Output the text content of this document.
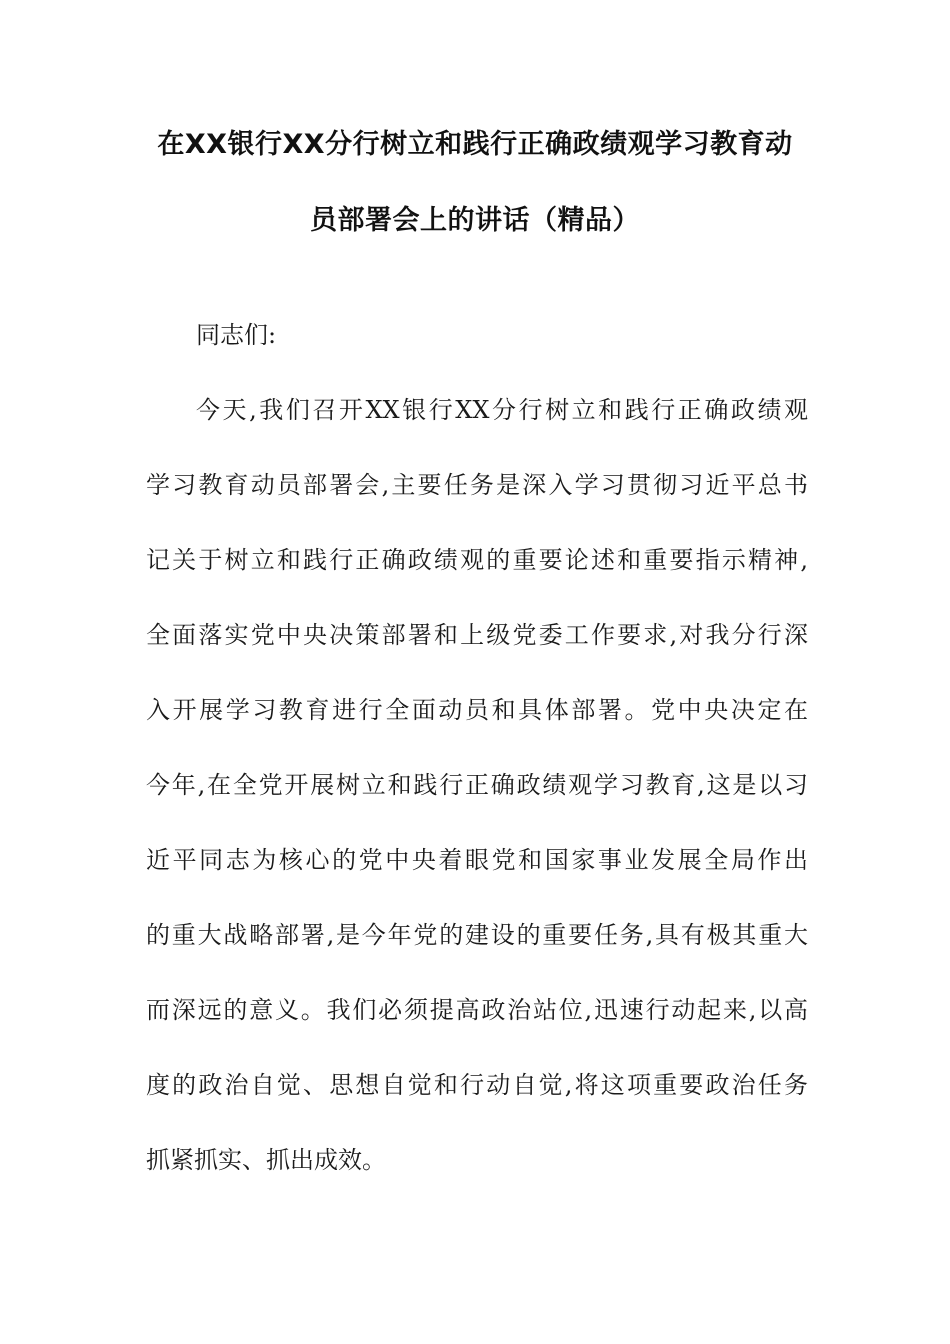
在XX银行XX分行树立和践行正确政绩观学习教育动
员部署会上的讲话（精品）
同志们:
今天,我们召开XX银行XX分行树立和践行正确政绩观
学习教育动员部署会,主要任务是深入学习贯彻习近平总书
记关于树立和践行正确政绩观的重要论述和重要指示精神,
全面落实党中央决策部署和上级党委工作要求,对我分行深
入开展学习教育进行全面动员和具体部署。党中央决定在
今年,在全党开展树立和践行正确政绩观学习教育,这是以习
近平同志为核心的党中央着眼党和国家事业发展全局作出
的重大战略部署,是今年党的建设的重要任务,具有极其重大
而深远的意义。我们必须提高政治站位,迅速行动起来,以高
度的政治自觉、思想自觉和行动自觉,将这项重要政治任务
抓紧抓实、抓出成效。
